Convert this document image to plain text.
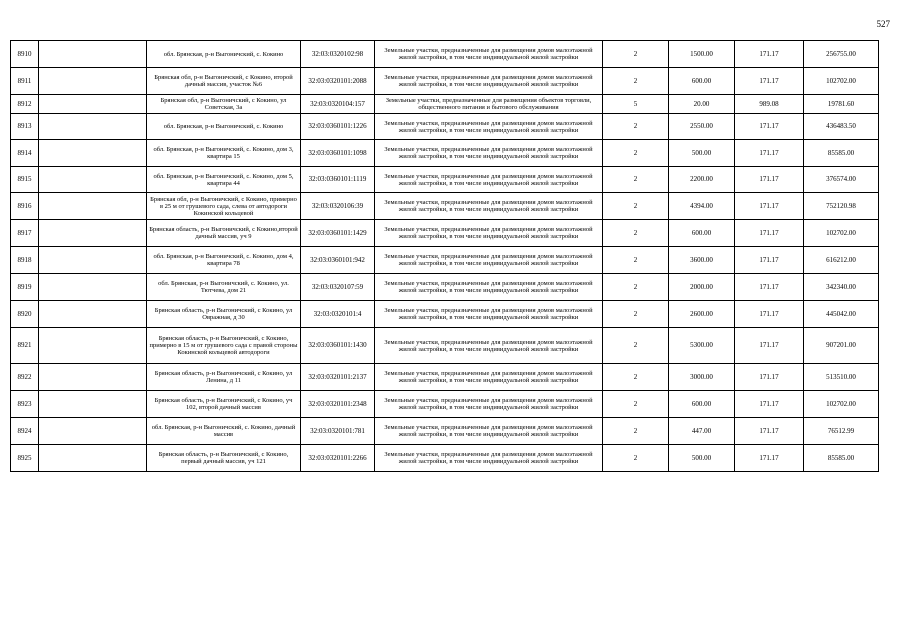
527
8910		обл. Брянская, р-н Выгоничский, с. Кокино	32:03:0320102:98	Земельные участки, предназначенные для размещения домов малоэтажной жилой застройки, в том числе индивидуальной жилой застройки	2	1500.00	171.17	256755.00
8911		Брянская обл, р-н Выгоничский, с Кокино, второй дачный массив, участок №6	32:03:0320101:2088	Земельные участки, предназначенные для размещения домов малоэтажной жилой застройки, в том числе индивидуальной жилой застройки	2	600.00	171.17	102702.00
8912		Брянская обл, р-н Выгоничский, с Кокино, ул Советская, 3а	32:03:0320104:157	Земельные участки, предназначенные для размещения объектов торговли, общественного питания и бытового обслуживания	5	20.00	989.08	19781.60
8913		обл. Брянская, р-н Выгоничский, с. Кокино	32:03:0360101:1226	Земельные участки, предназначенные для размещения домов малоэтажной жилой застройки, в том числе индивидуальной жилой застройки	2	2550.00	171.17	436483.50
8914		обл. Брянская, р-н Выгоничский, с. Кокино, дом 3, квартира 15	32:03:0360101:1098	Земельные участки, предназначенные для размещения домов малоэтажной жилой застройки, в том числе индивидуальной жилой застройки	2	500.00	171.17	85585.00
8915		обл. Брянская, р-н Выгоничский, с. Кокино, дом 5, квартира 44	32:03:0360101:1119	Земельные участки, предназначенные для размещения домов малоэтажной жилой застройки, в том числе индивидуальной жилой застройки	2	2200.00	171.17	376574.00
8916		Брянская обл, р-н Выгоничский, с Кокино, примерно в 25 м от грушевого сада, слева от автодороги Кокинской кольцевой	32:03:0320106:39	Земельные участки, предназначенные для размещения домов малоэтажной жилой застройки, в том числе индивидуальной жилой застройки	2	4394.00	171.17	752120.98
8917		Брянская область, р-н Выгоничский, с Кокино,второй дачный массив, уч 9	32:03:0360101:1429	Земельные участки, предназначенные для размещения домов малоэтажной жилой застройки, в том числе индивидуальной жилой застройки	2	600.00	171.17	102702.00
8918		обл. Брянская, р-н Выгоничский, с. Кокино, дом 4, квартира 78	32:03:0360101:942	Земельные участки, предназначенные для размещения домов малоэтажной жилой застройки, в том числе индивидуальной жилой застройки	2	3600.00	171.17	616212.00
8919		обл. Брянская, р-н Выгоничский, с. Кокино, ул. Тютчева, дом 21	32:03:0320107:59	Земельные участки, предназначенные для размещения домов малоэтажной жилой застройки, в том числе индивидуальной жилой застройки	2	2000.00	171.17	342340.00
8920		Брянская область, р-н Выгоничский, с Кокино, ул Овражная, д 30	32:03:0320101:4	Земельные участки, предназначенные для размещения домов малоэтажной жилой застройки, в том числе индивидуальной жилой застройки	2	2600.00	171.17	445042.00
8921		Брянская область, р-н Выгоничский, с Кокино, примерно в 15 м от грушевого сада с правой стороны Кокинской кольцевой автодороги	32:03:0360101:1430	Земельные участки, предназначенные для размещения домов малоэтажной жилой застройки, в том числе индивидуальной жилой застройки	2	5300.00	171.17	907201.00
8922		Брянская область, р-н Выгоничский, с Кокино, ул Ленина, д 11	32:03:0320101:2137	Земельные участки, предназначенные для размещения домов малоэтажной жилой застройки, в том числе индивидуальной жилой застройки	2	3000.00	171.17	513510.00
8923		Брянская область, р-н Выгоничский, с Кокино, уч 102, второй дачный массив	32:03:0320101:2348	Земельные участки, предназначенные для размещения домов малоэтажной жилой застройки, в том числе индивидуальной жилой застройки	2	600.00	171.17	102702.00
8924		обл. Брянская, р-н Выгоничский, с. Кокино, дачный массив	32:03:0320101:781	Земельные участки, предназначенные для размещения домов малоэтажной жилой застройки, в том числе индивидуальной жилой застройки	2	447.00	171.17	76512.99
8925		Брянская область, р-н Выгоничский, с Кокино, первый дачный массив, уч 121	32:03:0320101:2266	Земельные участки, предназначенные для размещения домов малоэтажной жилой застройки, в том числе индивидуальной жилой застройки	2	500.00	171.17	85585.00
